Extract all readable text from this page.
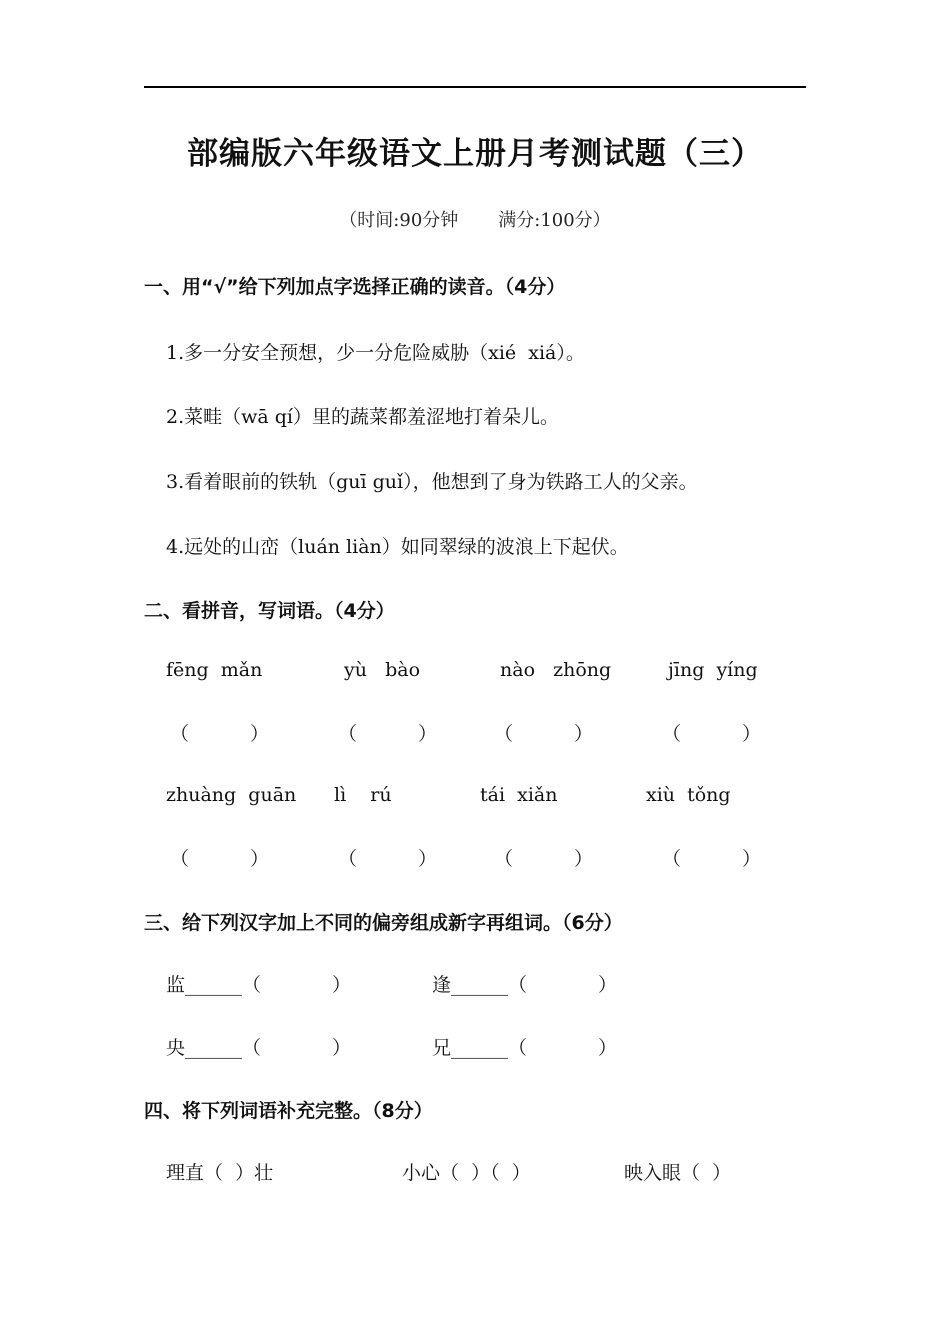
部编版六年级语文上册月考测试题（三）
（时间:90分钟 满分:100分）
一、用“√”给下列加点字选择正确的读音。（4分）
1.多一分安全预想，少一分危险威胁（xié  xiá）。
2.菜畦（wā qí）里的蔬菜都羞涩地打着朵儿。
3.看着眼前的铁轨（guī guǐ），他想到了身为铁路工人的父亲。
4.远处的山峦（luán liàn）如同翠绿的波浪上下起伏。
二、看拼音，写词语。（4分）
fēng  mǎn	yù   bào	nào   zhōng	jīng  yíng
（	）	（	）	（	）	（	）
zhuàng  guān lì    rú	tái  xiǎn	xiù  tǒng
（	）	（	）	（	）	（	）
三、给下列汉字加上不同的偏旁组成新字再组词。（6分）
监______（	）	逢______（	）
央______（	）	兄______（	）
四、将下列词语补充完整。（8分）
理直（  ）壮	小心（  ）（  ）	映入眼（  ）
